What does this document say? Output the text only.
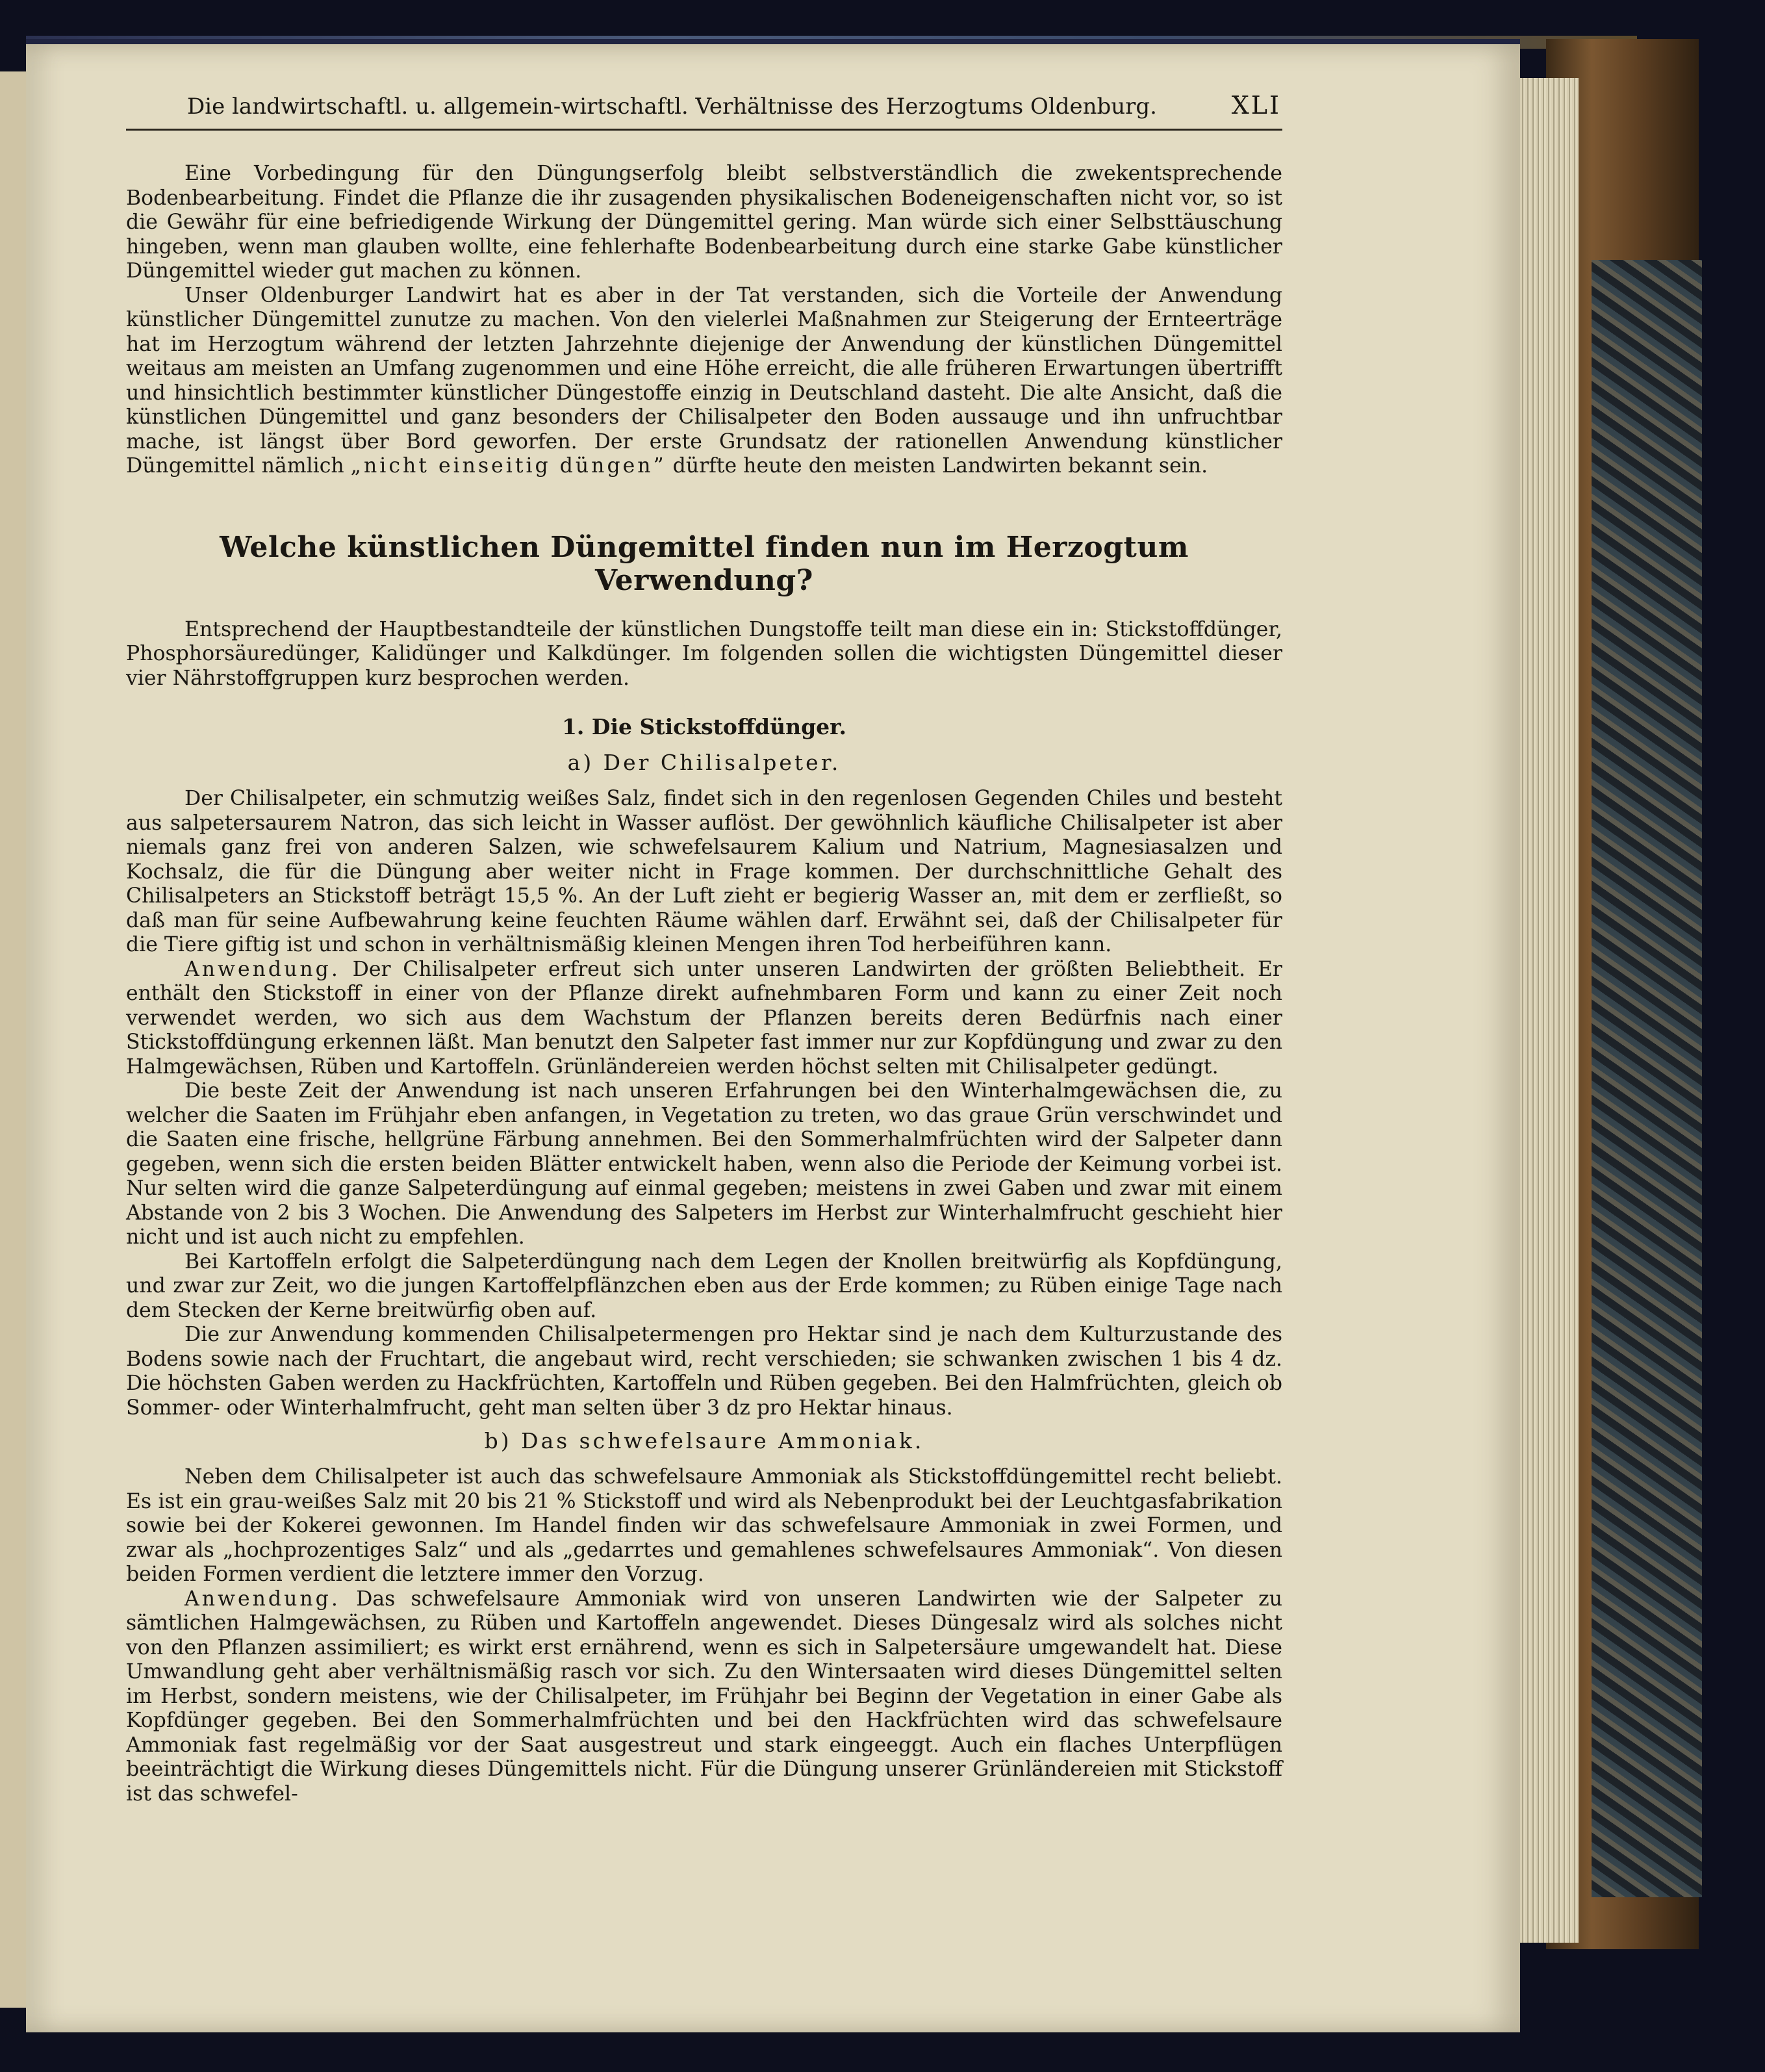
Die landwirtschaftl. u. allgemein-wirtschaftl. Verhältnisse des Herzogtums Oldenburg.	XLI

Eine Vorbedingung für den Düngungserfolg bleibt selbstverständlich die zwekentsprechende Bodenbearbeitung. Findet die Pflanze die ihr zusagenden physikalischen Bodeneigenschaften nicht vor, so ist die Gewähr für eine befriedigende Wirkung der Düngemittel gering. Man würde sich einer Selbsttäuschung hingeben, wenn man glauben wollte, eine fehlerhafte Bodenbearbeitung durch eine starke Gabe künstlicher Düngemittel wieder gut machen zu können.

Unser Oldenburger Landwirt hat es aber in der Tat verstanden, sich die Vorteile der Anwendung künstlicher Düngemittel zunutze zu machen. Von den vielerlei Maßnahmen zur Steigerung der Ernteerträge hat im Herzogtum während der letzten Jahrzehnte diejenige der Anwendung der künstlichen Düngemittel weitaus am meisten an Umfang zugenommen und eine Höhe erreicht, die alle früheren Erwartungen übertrifft und hinsichtlich bestimmter künstlicher Düngestoffe einzig in Deutschland dasteht. Die alte Ansicht, daß die künstlichen Düngemittel und ganz besonders der Chilisalpeter den Boden aussauge und ihn unfruchtbar mache, ist längst über Bord geworfen. Der erste Grundsatz der rationellen Anwendung künstlicher Düngemittel nämlich „nicht einseitig düngen” dürfte heute den meisten Landwirten bekannt sein.

Welche künstlichen Düngemittel finden nun im Herzogtum Verwendung?

Entsprechend der Hauptbestandteile der künstlichen Dungstoffe teilt man diese ein in: Stickstoffdünger, Phosphorsäuredünger, Kalidünger und Kalkdünger. Im folgenden sollen die wichtigsten Düngemittel dieser vier Nährstoffgruppen kurz besprochen werden.

1. Die Stickstoffdünger.
a) Der Chilisalpeter.

Der Chilisalpeter, ein schmutzig weißes Salz, findet sich in den regenlosen Gegenden Chiles und besteht aus salpetersaurem Natron, das sich leicht in Wasser auflöst. Der gewöhnlich käufliche Chilisalpeter ist aber niemals ganz frei von anderen Salzen, wie schwefelsaurem Kalium und Natrium, Magnesiasalzen und Kochsalz, die für die Düngung aber weiter nicht in Frage kommen. Der durchschnittliche Gehalt des Chilisalpeters an Stickstoff beträgt 15,5 %. An der Luft zieht er begierig Wasser an, mit dem er zerfließt, so daß man für seine Aufbewahrung keine feuchten Räume wählen darf. Erwähnt sei, daß der Chilisalpeter für die Tiere giftig ist und schon in verhältnismäßig kleinen Mengen ihren Tod herbeiführen kann.

Anwendung. Der Chilisalpeter erfreut sich unter unseren Landwirten der größten Beliebtheit. Er enthält den Stickstoff in einer von der Pflanze direkt aufnehmbaren Form und kann zu einer Zeit noch verwendet werden, wo sich aus dem Wachstum der Pflanzen bereits deren Bedürfnis nach einer Stickstoffdüngung erkennen läßt. Man benutzt den Salpeter fast immer nur zur Kopfdüngung und zwar zu den Halmgewächsen, Rüben und Kartoffeln. Grünländereien werden höchst selten mit Chilisalpeter gedüngt.

Die beste Zeit der Anwendung ist nach unseren Erfahrungen bei den Winterhalmgewächsen die, zu welcher die Saaten im Frühjahr eben anfangen, in Vegetation zu treten, wo das graue Grün verschwindet und die Saaten eine frische, hellgrüne Färbung annehmen. Bei den Sommerhalmfrüchten wird der Salpeter dann gegeben, wenn sich die ersten beiden Blätter entwickelt haben, wenn also die Periode der Keimung vorbei ist. Nur selten wird die ganze Salpeterdüngung auf einmal gegeben; meistens in zwei Gaben und zwar mit einem Abstande von 2 bis 3 Wochen. Die Anwendung des Salpeters im Herbst zur Winterhalmfrucht geschieht hier nicht und ist auch nicht zu empfehlen.

Bei Kartoffeln erfolgt die Salpeterdüngung nach dem Legen der Knollen breitwürfig als Kopfdüngung, und zwar zur Zeit, wo die jungen Kartoffelpflänzchen eben aus der Erde kommen; zu Rüben einige Tage nach dem Stecken der Kerne breitwürfig oben auf.

Die zur Anwendung kommenden Chilisalpetermengen pro Hektar sind je nach dem Kulturzustande des Bodens sowie nach der Fruchtart, die angebaut wird, recht verschieden; sie schwanken zwischen 1 bis 4 dz. Die höchsten Gaben werden zu Hackfrüchten, Kartoffeln und Rüben gegeben. Bei den Halmfrüchten, gleich ob Sommer- oder Winterhalmfrucht, geht man selten über 3 dz pro Hektar hinaus.

b) Das schwefelsaure Ammoniak.

Neben dem Chilisalpeter ist auch das schwefelsaure Ammoniak als Stickstoffdüngemittel recht beliebt. Es ist ein grau-weißes Salz mit 20 bis 21 % Stickstoff und wird als Nebenprodukt bei der Leuchtgasfabrikation sowie bei der Kokerei gewonnen. Im Handel finden wir das schwefelsaure Ammoniak in zwei Formen, und zwar als „hochprozentiges Salz“ und als „gedarrtes und gemahlenes schwefelsaures Ammoniak“. Von diesen beiden Formen verdient die letztere immer den Vorzug.

Anwendung. Das schwefelsaure Ammoniak wird von unseren Landwirten wie der Salpeter zu sämtlichen Halmgewächsen, zu Rüben und Kartoffeln angewendet. Dieses Düngesalz wird als solches nicht von den Pflanzen assimiliert; es wirkt erst ernährend, wenn es sich in Salpetersäure umgewandelt hat. Diese Umwandlung geht aber verhältnismäßig rasch vor sich. Zu den Wintersaaten wird dieses Düngemittel selten im Herbst, sondern meistens, wie der Chilisalpeter, im Frühjahr bei Beginn der Vegetation in einer Gabe als Kopfdünger gegeben. Bei den Sommerhalmfrüchten und bei den Hackfrüchten wird das schwefelsaure Ammoniak fast regelmäßig vor der Saat ausgestreut und stark eingeeggt. Auch ein flaches Unterpflügen beeinträchtigt die Wirkung dieses Düngemittels nicht. Für die Düngung unserer Grünländereien mit Stickstoff ist das schwefel-
